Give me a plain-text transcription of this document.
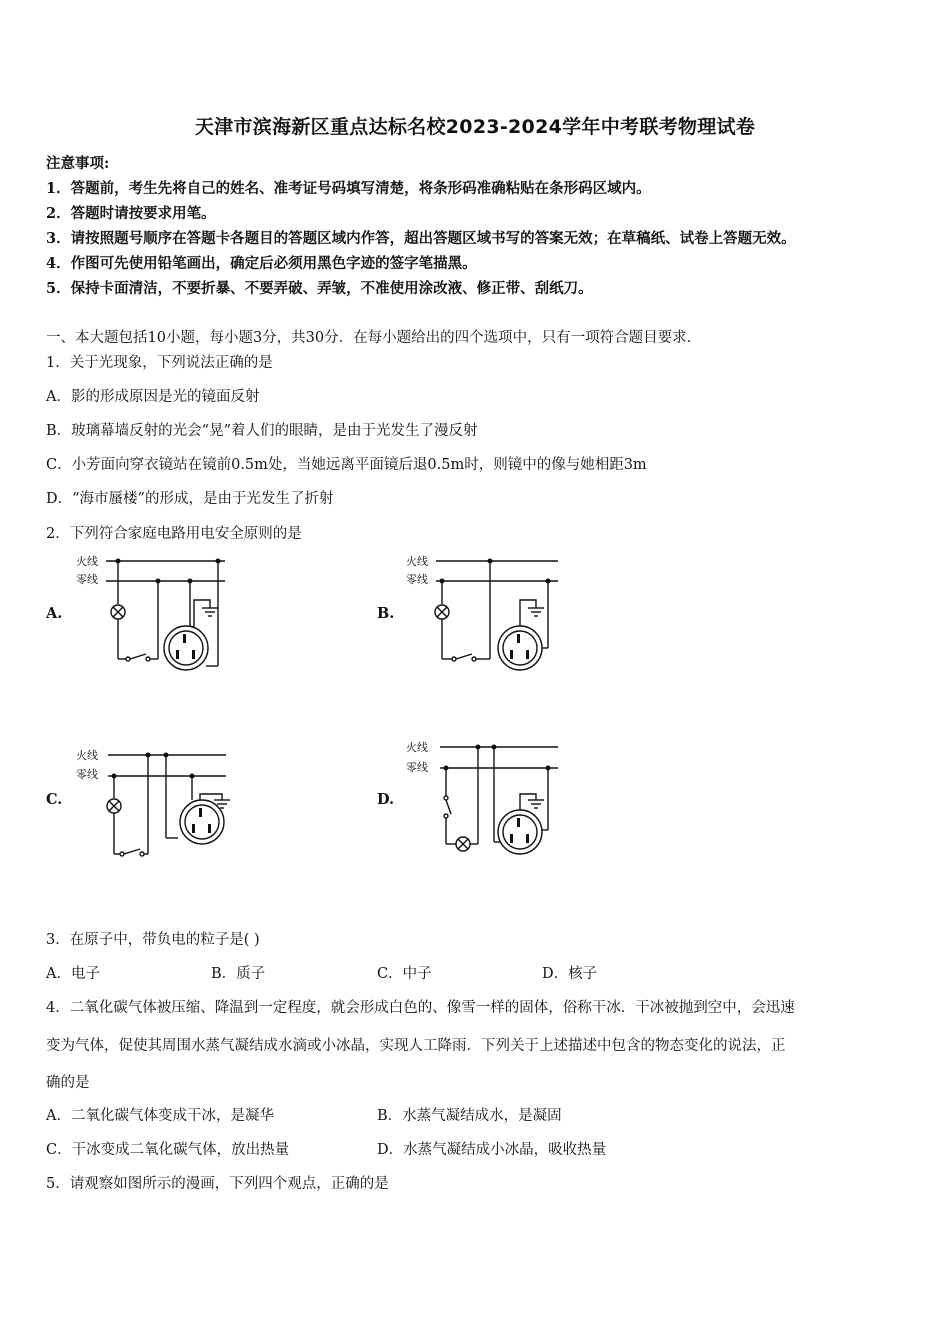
天津市滨海新区重点达标名校2023-2024学年中考联考物理试卷
注意事项:
1．答题前，考生先将自己的姓名、准考证号码填写清楚，将条形码准确粘贴在条形码区域内。
2．答题时请按要求用笔。
3．请按照题号顺序在答题卡各题目的答题区域内作答，超出答题区域书写的答案无效；在草稿纸、试卷上答题无效。
4．作图可先使用铅笔画出，确定后必须用黑色字迹的签字笔描黑。
5．保持卡面清洁，不要折暴、不要弄破、弄皱，不准使用涂改液、修正带、刮纸刀。
一、本大题包括10小题，每小题3分，共30分．在每小题给出的四个选项中，只有一项符合题目要求．
1．关于光现象，下列说法正确的是
A．影的形成原因是光的镜面反射
B．玻璃幕墙反射的光会“晃”着人们的眼睛，是由于光发生了漫反射
C．小芳面向穿衣镜站在镜前0.5m处，当她远离平面镜后退0.5m时，则镜中的像与她相距3m
D．“海市蜃楼”的形成，是由于光发生了折射
2．下列符合家庭电路用电安全原则的是
A.
火线
零线
B.
火线
零线
C.
火线
零线
D.
火线
零线
3．在原子中，带负电的粒子是( )
A．电子	B．质子	C．中子	D．核子
4．二氧化碳气体被压缩、降温到一定程度，就会形成白色的、像雪一样的固体，俗称干冰．干冰被抛到空中，会迅速
变为气体，促使其周围水蒸气凝结成水滴或小冰晶，实现人工降雨．下列关于上述描述中包含的物态变化的说法，正
确的是
A．二氧化碳气体变成干冰，是凝华	B．水蒸气凝结成水，是凝固
C．干冰变成二氧化碳气体，放出热量	D．水蒸气凝结成小冰晶，吸收热量
5．请观察如图所示的漫画，下列四个观点，正确的是
